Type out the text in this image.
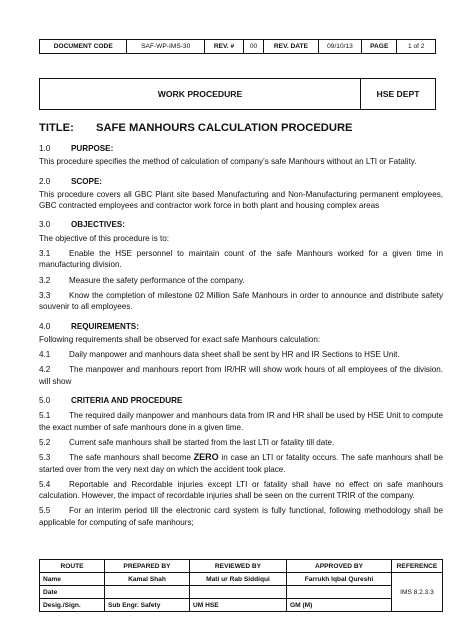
DOCUMENT CODE	SAF-WP-IMS-30	REV. #	00	REV. DATE	09/10/13	PAGE	1 of 2
WORK PROCEDURE	HSE DEPT
TITLE: SAFE MANHOURS CALCULATION PROCEDURE
1.0	PURPOSE:
This procedure specifies the method of calculation of company’s safe Manhours without an LTI or Fatality.
2.0	SCOPE:
This procedure covers all GBC Plant site based Manufacturing and Non-Manufacturing permanent employees, GBC contracted employees and contractor work force in both plant and housing complex areas
3.0	OBJECTIVES:
The objective of this procedure is to:
3.1 Enable the HSE personnel to maintain count of the safe Manhours worked for a given time in manufacturing division.
3.2 Measure the safety performance of the company.
3.3 Know the completion of milestone 02 Million Safe Manhours in order to announce and distribute safety souvenir to all employees.
4.0	REQUIREMENTS:
Following requirements shall be observed for exact safe Manhours calculation:
4.1 Daily manpower and manhours data sheet shall be sent by HR and IR Sections to HSE Unit.
4.2 The manpower and manhours report from IR/HR will show work hours of all employees of the division. will show
5.0	CRITERIA AND PROCEDURE
5.1 The required daily manpower and manhours data from IR and HR shall be used by HSE Unit to compute the exact number of safe manhours done in a given time.
5.2 Current safe manhours shall be started from the last LTI or fatality till date.
5.3 The safe manhours shall become ZERO in case an LTI or fatality occurs. The safe manhours shall be started over from the very next day on which the accident took place.
5.4 Reportable and Recordable injuries except LTI or fatality shall have no effect on safe manhours calculation. However, the impact of recordable injuries shall be seen on the current TRIR of the company.
5.5 For an interim period till the electronic card system is fully functional, following methodology shall be applicable for computing of safe manhours;
ROUTE	PREPARED BY	REVIEWED BY	APPROVED BY	REFERENCE
Name	Kamal Shah	Mati ur Rab Siddiqui	Farrukh Iqbal Qureshi	IMS 8.2.3.3
Date				
Desig./Sign.	Sub Engr. Safety	UM HSE	GM (M)	
